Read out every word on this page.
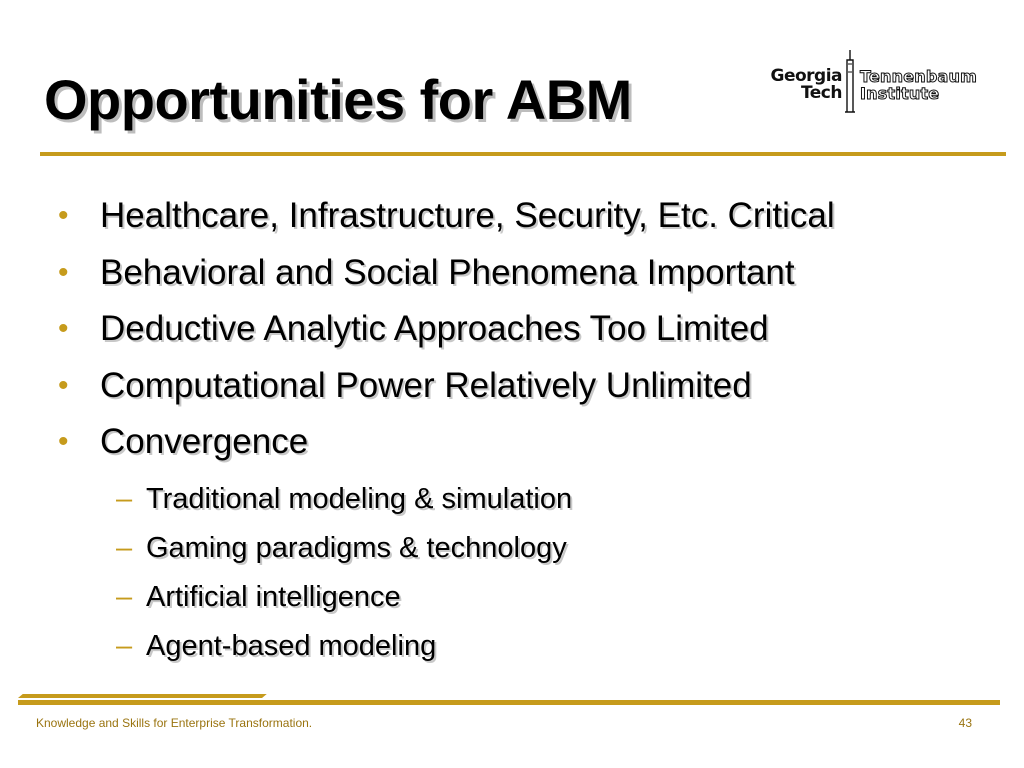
Opportunities for ABM	Georgia
Tech
Tennenbaum
Institute
• Healthcare, Infrastructure, Security, Etc. Critical
• Behavioral and Social Phenomena Important
• Deductive Analytic Approaches Too Limited
• Computational Power Relatively Unlimited
• Convergence
– Traditional modeling & simulation
– Gaming paradigms & technology
– Artificial intelligence
– Agent-based modeling
Knowledge and Skills for Enterprise Transformation.	43
